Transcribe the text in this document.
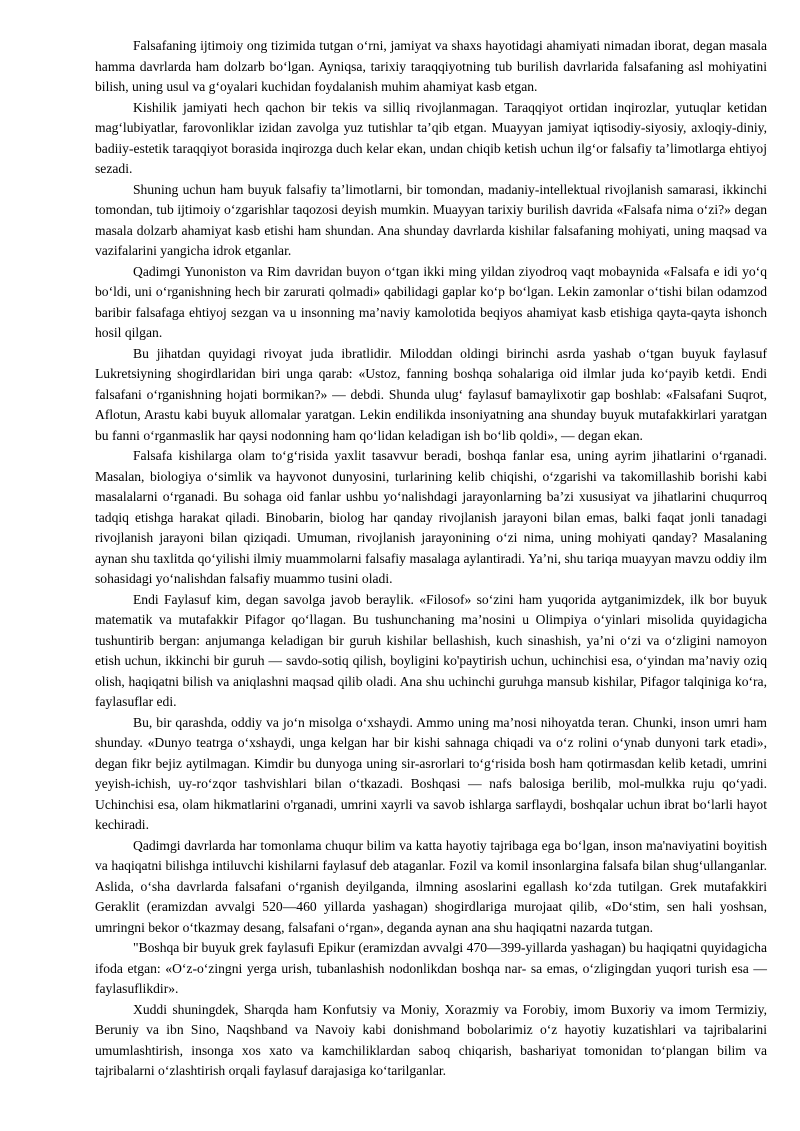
Falsafaning ijtimoiy ong tizimida tutgan o‘rni, jamiyat va shaxs hayotidagi ahamiyati nimadan iborat, degan masala hamma davrlarda ham dolzarb bo‘lgan. Ayniqsa, tarixiy taraqqiyotning tub burilish davrlarida falsafaning asl mohiyatini bilish, uning usul va g‘oyalari kuchidan foydalanish muhim ahamiyat kasb etgan.

Kishilik jamiyati hech qachon bir tekis va silliq rivojlanmagan. Taraqqiyot ortidan inqirozlar, yutuqlar ketidan mag‘lubiyatlar, farovonliklar izidan zavolga yuz tutishlar ta’qib etgan. Muayyan jamiyat iqtisodiy-siyosiy, axloqiy-diniy, badiiy-estetik taraqqiyot borasida inqirozga duch kelar ekan, undan chiqib ketish uchun ilg‘or falsafiy ta’limotlarga ehtiyoj sezadi.

Shuning uchun ham buyuk falsafiy ta’limotlarni, bir tomondan, madaniy-intellektual rivojlanish samarasi, ikkinchi tomondan, tub ijtimoiy o‘zgarishlar taqozosi deyish mumkin. Muayyan tarixiy burilish davrida «Falsafa nima o‘zi?» degan masala dolzarb ahamiyat kasb etishi ham shundan. Ana shunday davrlarda kishilar falsafaning mohiyati, uning maqsad va vazifalarini yangicha idrok etganlar.

Qadimgi Yunoniston va Rim davridan buyon o‘tgan ikki ming yildan ziyodroq vaqt mobaynida «Falsafa e idi yo‘q bo‘ldi, uni o‘rganishning hech bir zarurati qolmadi» qabilidagi gaplar ko‘p bo‘lgan. Lekin zamonlar o‘tishi bilan odamzod baribir falsafaga ehtiyoj sezgan va u insonning ma’naviy kamolotida beqiyos ahamiyat kasb etishiga qayta-qayta ishonch hosil qilgan.

Bu jihatdan quyidagi rivoyat juda ibratlidir. Miloddan oldingi birinchi asrda yashab o‘tgan buyuk faylasuf Lukretsiyning shogirdlaridan biri unga qarab: «Ustoz, fanning boshqa sohalariga oid ilmlar juda ko‘payib ketdi. Endi falsafani o‘rganishning hojati bormikan?» — debdi. Shunda ulug‘ faylasuf bamaylixotir gap boshlab: «Falsafani Suqrot, Aflotun, Arastu kabi buyuk allomalar yaratgan. Lekin endilikda insoniyatning ana shunday buyuk mutafakkirlari yaratgan bu fanni o‘rganmaslik har qaysi nodonning ham qo‘lidan keladigan ish bo‘lib qoldi», — degan ekan.

Falsafa kishilarga olam to‘g‘risida yaxlit tasavvur beradi, boshqa fanlar esa, uning ayrim jihatlarini o‘rganadi. Masalan, biologiya o‘simlik va hayvonot dunyosini, turlarining kelib chiqishi, o‘zgarishi va takomillashib borishi kabi masalalarni o‘rganadi. Bu sohaga oid fanlar ushbu yo‘nalishdagi jarayonlarning ba’zi xususiyat va jihatlarini chuqurroq tadqiq etishga harakat qiladi. Binobarin, biolog har qanday rivojlanish jarayoni bilan emas, balki faqat jonli tanadagi rivojlanish jarayoni bilan qiziqadi. Umuman, rivojlanish jarayonining o‘zi nima, uning mohiyati qanday? Masalaning aynan shu taxlitda qo‘yilishi ilmiy muammolarni falsafiy masalaga aylantiradi. Ya’ni, shu tariqa muayyan mavzu oddiy ilm sohasidagi yo‘nalishdan falsafiy muammo tusini oladi.

Endi Faylasuf kim, degan savolga javob beraylik. «Filosof» so‘zini ham yuqorida aytganimizdek, ilk bor buyuk matematik va mutafakkir Pifagor qo‘llagan. Bu tushunchaning ma’nosini u Olimpiya o‘yinlari misolida quyidagicha tushuntirib bergan: anjumanga keladigan bir guruh kishilar bellashish, kuch sinashish, ya’ni o‘zi va o‘zligini namoyon etish uchun, ikkinchi bir guruh — savdo-sotiq qilish, boyligini ko'paytirish uchun, uchinchisi esa, o‘yindan ma’naviy oziq olish, haqiqatni bilish va aniqlashni maqsad qilib oladi. Ana shu uchinchi guruhga mansub kishilar, Pifagor talqiniga ko‘ra, faylasuflar edi.

Bu, bir qarashda, oddiy va jo‘n misolga o‘xshaydi. Ammo uning ma’nosi nihoyatda teran. Chunki, inson umri ham shunday. «Dunyo teatrga o‘xshaydi, unga kelgan har bir kishi sahnaga chiqadi va o‘z rolini o‘ynab dunyoni tark etadi», degan fikr bejiz aytilmagan. Kimdir bu dunyoga uning sir-asrorlari to‘g‘risida bosh ham qotirmasdan kelib ketadi, umrini yeyish-ichish, uy-ro‘zqor tashvishlari bilan o‘tkazadi. Boshqasi — nafs balosiga berilib, mol-mulkka ruju qo‘yadi. Uchinchisi esa, olam hikmatlarini o'rganadi, umrini xayrli va savob ishlarga sarflaydi, boshqalar uchun ibrat bo‘larli hayot kechiradi.

Qadimgi davrlarda har tomonlama chuqur bilim va katta hayotiy tajribaga ega bo‘lgan, inson ma'naviyatini boyitish va haqiqatni bilishga intiluvchi kishilarni faylasuf deb ataganlar. Fozil va komil insonlargina falsafa bilan shug‘ullanganlar. Aslida, o‘sha davrlarda falsafani o‘rganish deyilganda, ilmning asoslarini egallash ko‘zda tutilgan. Grek mutafakkiri Geraklit (eramizdan avvalgi 520—460 yillarda yashagan) shogirdlariga murojaat qilib, «Do‘stim, sen hali yoshsan, umringni bekor o‘tkazmay desang, falsafani o‘rgan», deganda aynan ana shu haqiqatni nazarda tutgan.

"Boshqa bir buyuk grek faylasufi Epikur (eramizdan avvalgi 470—399-yillarda yashagan) bu haqiqatni quyidagicha ifoda etgan: «O‘z-o‘zingni yerga urish, tubanlashish nodonlikdan boshqa nar- sa emas, o‘zligingdan yuqori turish esa — faylasuflikdir».

Xuddi shuningdek, Sharqda ham Konfutsiy va Moniy, Xorazmiy va Forobiy, imom Buxoriy va imom Termiziy, Beruniy va ibn Sino, Naqshband va Navoiy kabi donishmand bobolarimiz o‘z hayotiy kuzatishlari va tajribalarini umumlashtirish, insonga xos xato va kamchiliklardan saboq chiqarish, bashariyat tomonidan to‘plangan bilim va tajribalarni o‘zlashtirish orqali faylasuf darajasiga ko‘tarilganlar.
